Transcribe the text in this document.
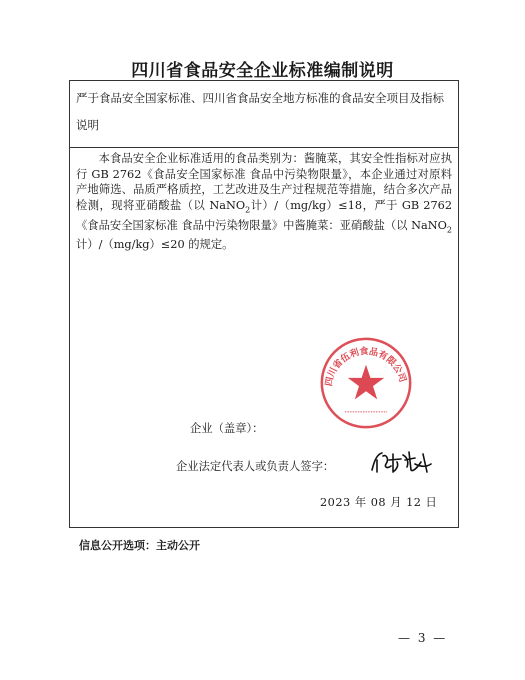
四川省食品安全企业标准编制说明
严于食品安全国家标准、四川省食品安全地方标准的食品安全项目及指标说明
本食品安全企业标准适用的食品类别为：酱腌菜，其安全性指标对应执行 GB 2762《食品安全国家标准 食品中污染物限量》，本企业通过对原料产地筛选、品质严格质控，工艺改进及生产过程规范等措施，结合多次产品检测，现将亚硝酸盐（以 NaNO$_2$计）/（mg/kg）≤18，严于 GB 2762《食品安全国家标准 食品中污染物限量》中酱腌菜：亚硝酸盐（以 NaNO$_2$计）/（mg/kg）≤20 的规定。
四川省伍利食品有限公司
企业（盖章）：
企业法定代表人或负责人签字：
2023 年 08 月 12 日
信息公开选项：主动公开
— 3 —
